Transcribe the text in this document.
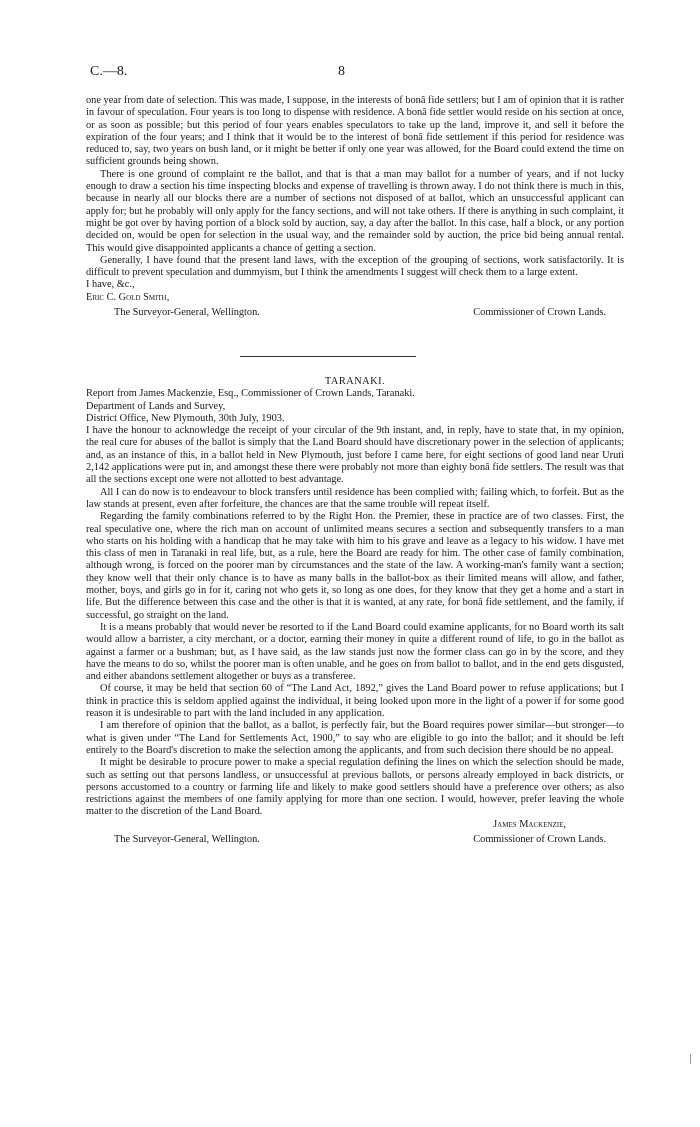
C.—8.	8

one year from date of selection. This was made, I suppose, in the interests of bonâ fide settlers; but I am of opinion that it is rather in favour of speculation. Four years is too long to dispense with residence. A bonâ fide settler would reside on his section at once, or as soon as possible; but this period of four years enables speculators to take up the land, improve it, and sell it before the expiration of the four years; and I think that it would be to the interest of bonâ fide settlement if this period for residence was reduced to, say, two years on bush land, or it might be better if only one year was allowed, for the Board could extend the time on sufficient grounds being shown.

There is one ground of complaint re the ballot, and that is that a man may ballot for a number of years, and if not lucky enough to draw a section his time inspecting blocks and expense of travelling is thrown away. I do not think there is much in this, because in nearly all our blocks there are a number of sections not disposed of at ballot, which an unsuccessful applicant can apply for; but he probably will only apply for the fancy sections, and will not take others. If there is anything in such complaint, it might be got over by having portion of a block sold by auction, say, a day after the ballot. In this case, half a block, or any portion decided on, would be open for selection in the usual way, and the remainder sold by auction, the price bid being annual rental. This would give disappointed applicants a chance of getting a section.

Generally, I have found that the present land laws, with the exception of the grouping of sections, work satisfactorily. It is difficult to prevent speculation and dummyism, but I think the amendments I suggest will check them to a large extent.

I have, &c.,

Eric C. Gold Smith,

The Surveyor-General, Wellington.	Commissioner of Crown Lands.

TARANAKI.

Report from James Mackenzie, Esq., Commissioner of Crown Lands, Taranaki.

Department of Lands and Survey,

District Office, New Plymouth, 30th July, 1903.

I have the honour to acknowledge the receipt of your circular of the 9th instant, and, in reply, have to state that, in my opinion, the real cure for abuses of the ballot is simply that the Land Board should have discretionary power in the selection of applicants; and, as an instance of this, in a ballot held in New Plymouth, just before I came here, for eight sections of good land near Uruti 2,142 applications were put in, and amongst these there were probably not more than eighty bonâ fide settlers. The result was that all the sections except one were not allotted to best advantage.

All I can do now is to endeavour to block transfers until residence has been complied with; failing which, to forfeit. But as the law stands at present, even after forfeiture, the chances are that the same trouble will repeat itself.

Regarding the family combinations referred to by the Right Hon. the Premier, these in practice are of two classes. First, the real speculative one, where the rich man on account of unlimited means secures a section and subsequently transfers to a man who starts on his holding with a handicap that he may take with him to his grave and leave as a legacy to his widow. I have met this class of men in Taranaki in real life, but, as a rule, here the Board are ready for him. The other case of family combination, although wrong, is forced on the poorer man by circumstances and the state of the law. A working-man's family want a section; they know well that their only chance is to have as many balls in the ballot-box as their limited means will allow, and father, mother, boys, and girls go in for it, caring not who gets it, so long as one does, for they know that they get a home and a start in life. But the difference between this case and the other is that it is wanted, at any rate, for bonâ fide settlement, and the family, if successful, go straight on the land.

It is a means probably that would never be resorted to if the Land Board could examine applicants, for no Board worth its salt would allow a barrister, a city merchant, or a doctor, earning their money in quite a different round of life, to go in the ballot as against a farmer or a bushman; but, as I have said, as the law stands just now the former class can go in by the score, and they have the means to do so, whilst the poorer man is often unable, and he goes on from ballot to ballot, and in the end gets disgusted, and either abandons settlement altogether or buys as a transferee.

Of course, it may be held that section 60 of “The Land Act, 1892,” gives the Land Board power to refuse applications; but I think in practice this is seldom applied against the individual, it being looked upon more in the light of a power if for some good reason it is undesirable to part with the land included in any application.

I am therefore of opinion that the ballot, as a ballot, is perfectly fair, but the Board requires power similar—but stronger—to what is given under “The Land for Settlements Act, 1900,” to say who are eligible to go into the ballot; and it should be left entirely to the Board's discretion to make the selection among the applicants, and from such decision there should be no appeal.

It might be desirable to procure power to make a special regulation defining the lines on which the selection should be made, such as setting out that persons landless, or unsuccessful at previous ballots, or persons already employed in back districts, or persons accustomed to a country or farming life and likely to make good settlers should have a preference over others; as also restrictions against the members of one family applying for more than one section. I would, however, prefer leaving the whole matter to the discretion of the Land Board.

James Mackenzie,

The Surveyor-General, Wellington.	Commissioner of Crown Lands.
